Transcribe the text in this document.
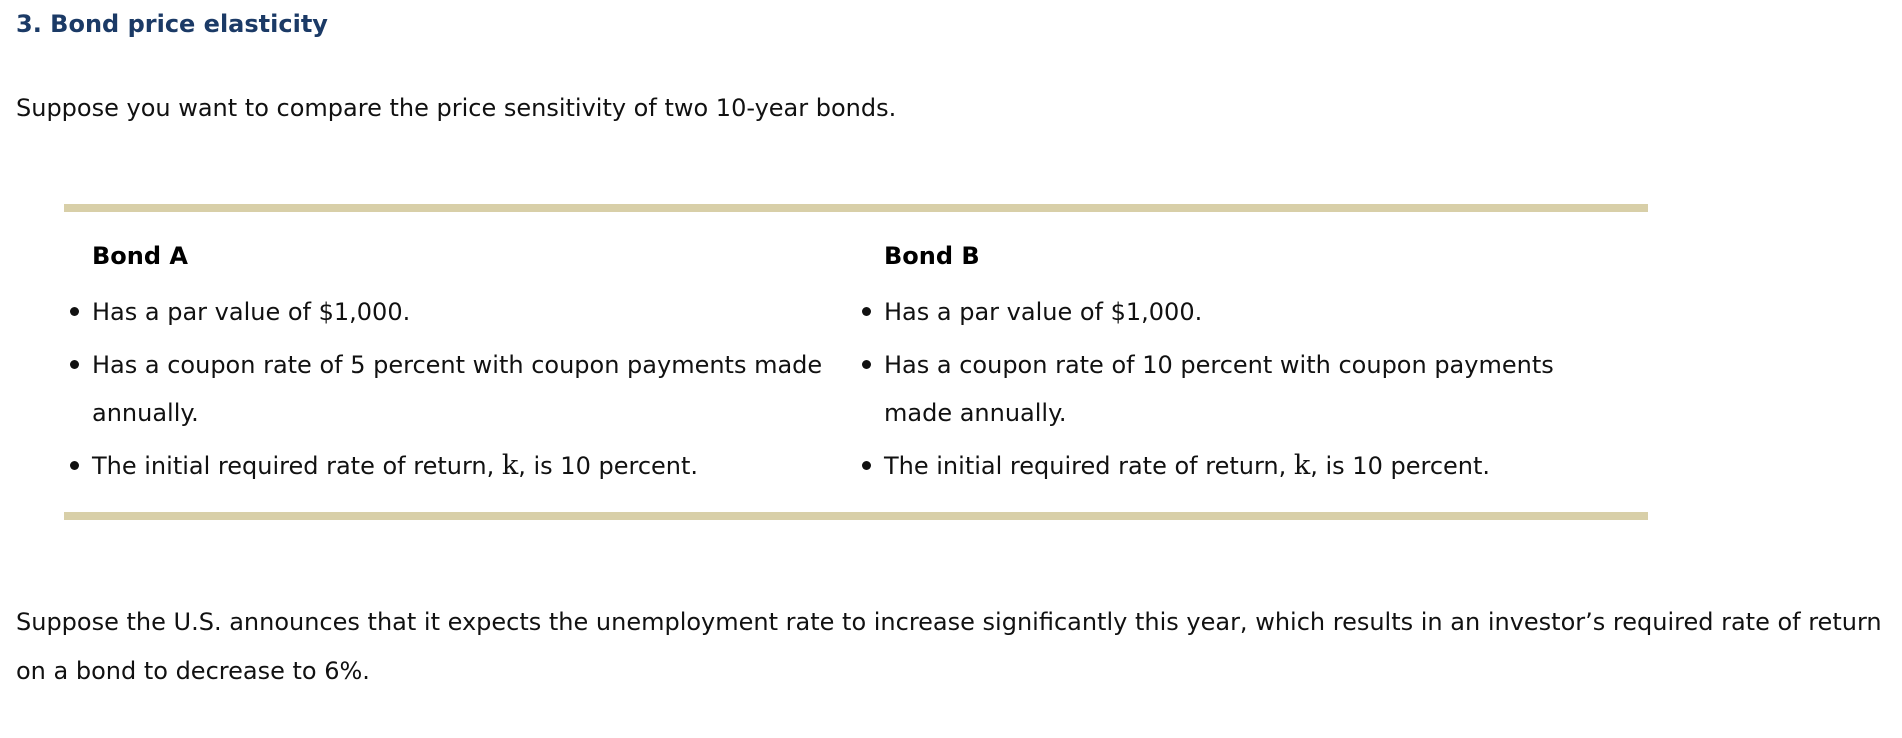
3. Bond price elasticity

Suppose you want to compare the price sensitivity of two 10-year bonds.

Bond A
Has a par value of $1,000.
Has a coupon rate of 5 percent with coupon payments made annually.
The initial required rate of return, k, is 10 percent.
Bond B
Has a par value of $1,000.
Has a coupon rate of 10 percent with coupon payments made annually.
The initial required rate of return, k, is 10 percent.

Suppose the U.S. announces that it expects the unemployment rate to increase significantly this year, which results in an investor’s required rate of return on a bond to decrease to 6%.
